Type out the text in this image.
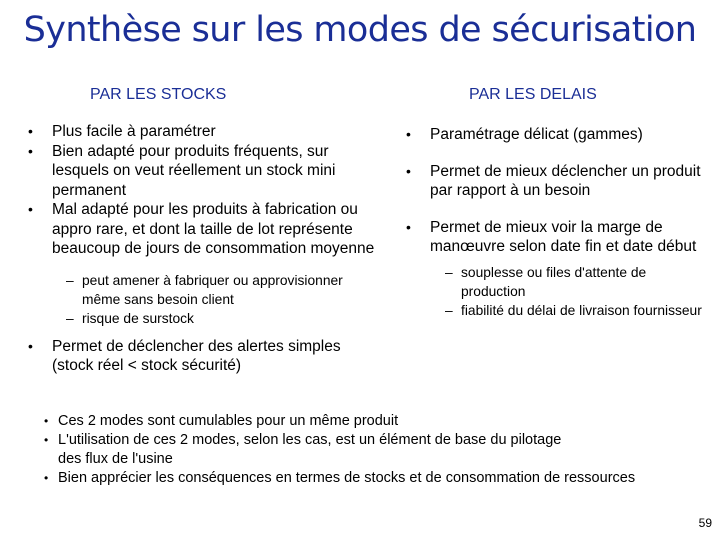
Synthèse sur les modes de sécurisation
PAR LES STOCKS	PAR LES DELAIS
• Plus facile à paramétrer
• Bien adapté pour produits fréquents, sur lesquels on veut réellement un stock mini permanent
• Mal adapté pour les produits à fabrication ou appro rare, et dont la taille de lot représente beaucoup de jours de consommation moyenne
– peut amener à fabriquer ou approvisionner même sans besoin client
– risque de surstock
• Permet de déclencher des alertes simples (stock réel < stock sécurité)
• Paramétrage délicat (gammes)
• Permet de mieux déclencher un produit par rapport à un besoin
• Permet de mieux voir la marge de manœuvre selon date fin et date début
– souplesse ou files d'attente de production
– fiabilité du délai de livraison fournisseur
• Ces 2 modes sont cumulables pour un même produit
• L'utilisation de ces 2 modes, selon les cas, est un élément de base du pilotage
des flux de l'usine
• Bien apprécier les conséquences en termes de stocks et de consommation de ressources
59
